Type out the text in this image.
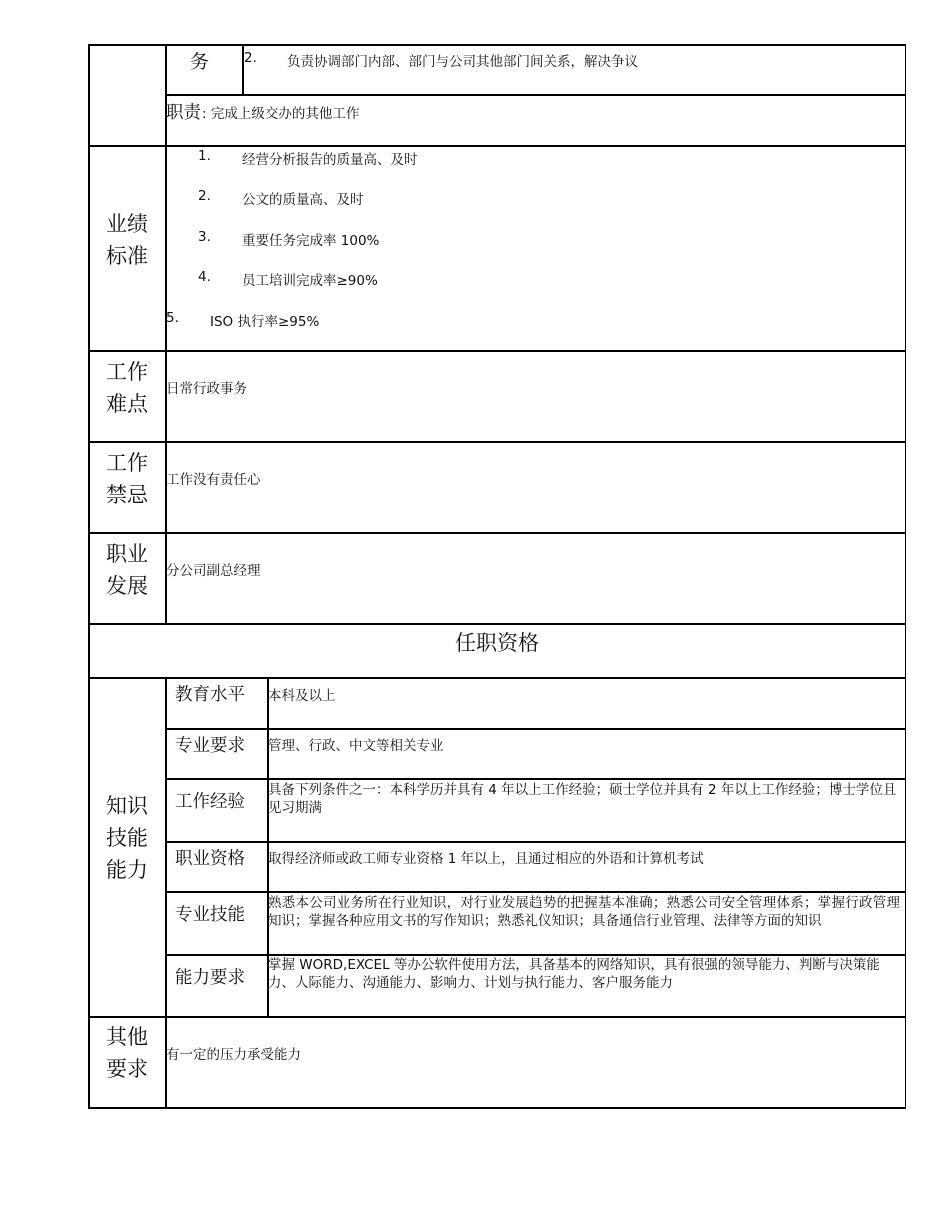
务	2. 负责协调部门内部、部门与公司其他部门间关系，解决争议
职责 : 完成上级交办的其他工作
业绩
标准
1. 经营分析报告的质量高、及时
2. 公文的质量高、及时
3. 重要任务完成率 100%
4. 员工培训完成率≥90%
5. ISO 执行率≥95%
工作
难点
日常行政事务
工作
禁忌
工作没有责任心
职业
发展
分公司副总经理
任职资格
知识
技能
能力
教育水平 本科及以上
专业要求 管理、行政、中文等相关专业
工作经验
具备下列条件之一：本科学历并具有 4 年以上工作经验；硕士学位并具有 2 年以上工作经验；博士学位且见习期满
职业资格 取得经济师或政工师专业资格 1 年以上，且通过相应的外语和计算机考试
专业技能
熟悉本公司业务所在行业知识，对行业发展趋势的把握基本准确；熟悉公司安全管理体系；掌握行政管理知识；掌握各种应用文书的写作知识；熟悉礼仪知识；具备通信行业管理、法律等方面的知识
能力要求
掌握 WORD,EXCEL 等办公软件使用方法，具备基本的网络知识，具有很强的领导能力、判断与决策能力、人际能力、沟通能力、影响力、计划与执行能力、客户服务能力
其他
要求
有一定的压力承受能力
